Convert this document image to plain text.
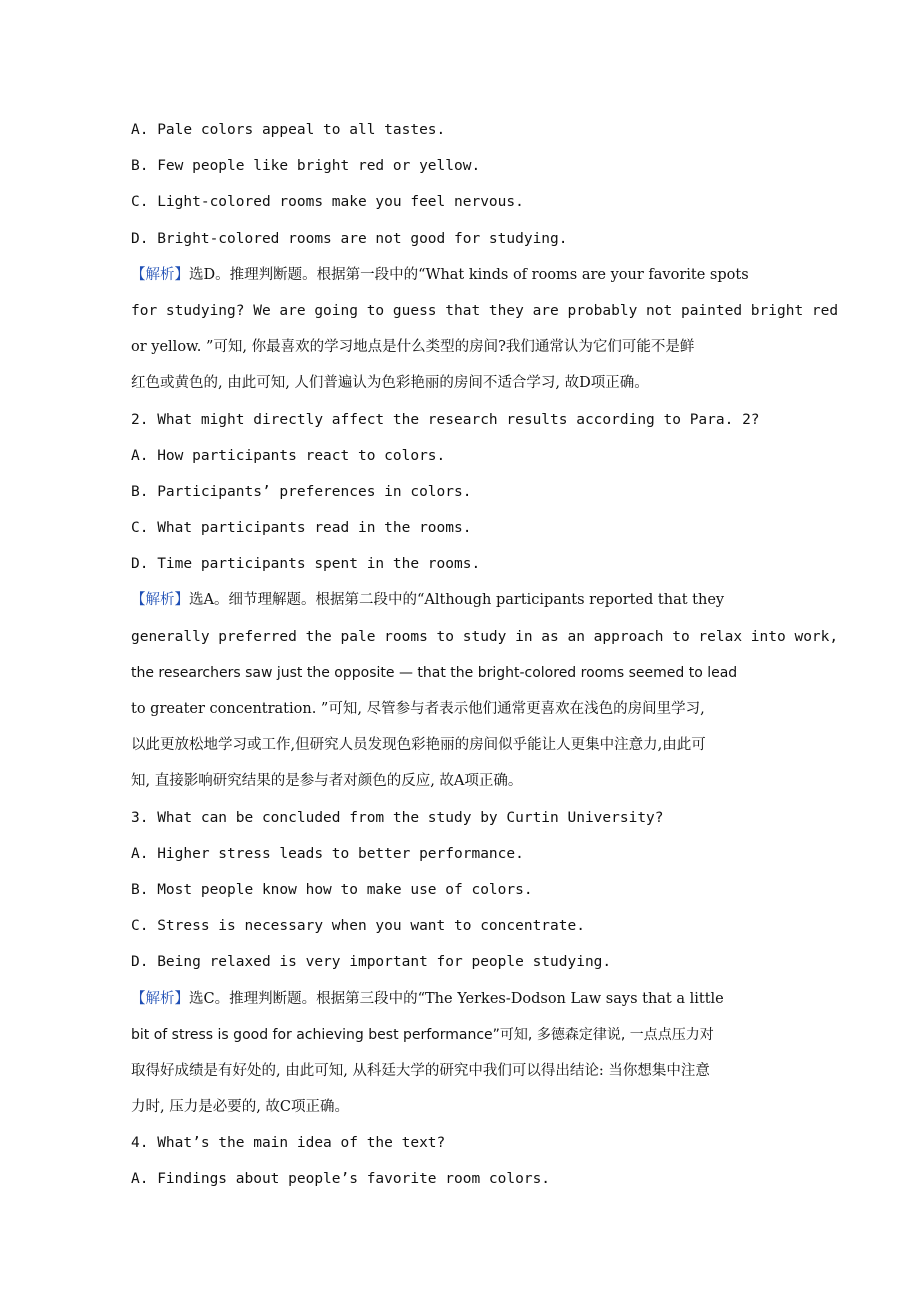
A. Pale colors appeal to all tastes.
B. Few people like bright red or yellow.
C. Light-colored rooms make you feel nervous.
D. Bright-colored rooms are not good for studying.
【解析】选D。推理判断题。根据第一段中的“What kinds of rooms are your favorite spots
for studying? We are going to guess that they are probably not painted bright red
or yellow. ”可知, 你最喜欢的学习地点是什么类型的房间?我们通常认为它们可能不是鲜
红色或黄色的, 由此可知, 人们普遍认为色彩艳丽的房间不适合学习, 故D项正确。
2. What might directly affect the research results according to Para. 2?
A. How participants react to colors.
B. Participants’ preferences in colors.
C. What participants read in the rooms.
D. Time participants spent in the rooms.
【解析】选A。细节理解题。根据第二段中的“Although participants reported that they
generally preferred the pale rooms to study in as an approach to relax into work,
the researchers saw just the opposite — that the bright-colored rooms seemed to lead
to greater concentration. ”可知, 尽管参与者表示他们通常更喜欢在浅色的房间里学习,
以此更放松地学习或工作,但研究人员发现色彩艳丽的房间似乎能让人更集中注意力,由此可
知, 直接影响研究结果的是参与者对颜色的反应, 故A项正确。
3. What can be concluded from the study by Curtin University?
A. Higher stress leads to better performance.
B. Most people know how to make use of colors.
C. Stress is necessary when you want to concentrate.
D. Being relaxed is very important for people studying.
【解析】选C。推理判断题。根据第三段中的“The Yerkes-Dodson Law says that a little
bit of stress is good for achieving best performance”可知, 多德森定律说, 一点点压力对
取得好成绩是有好处的, 由此可知, 从科廷大学的研究中我们可以得出结论: 当你想集中注意
力时, 压力是必要的, 故C项正确。
4. What’s the main idea of the text?
A. Findings about people’s favorite room colors.
